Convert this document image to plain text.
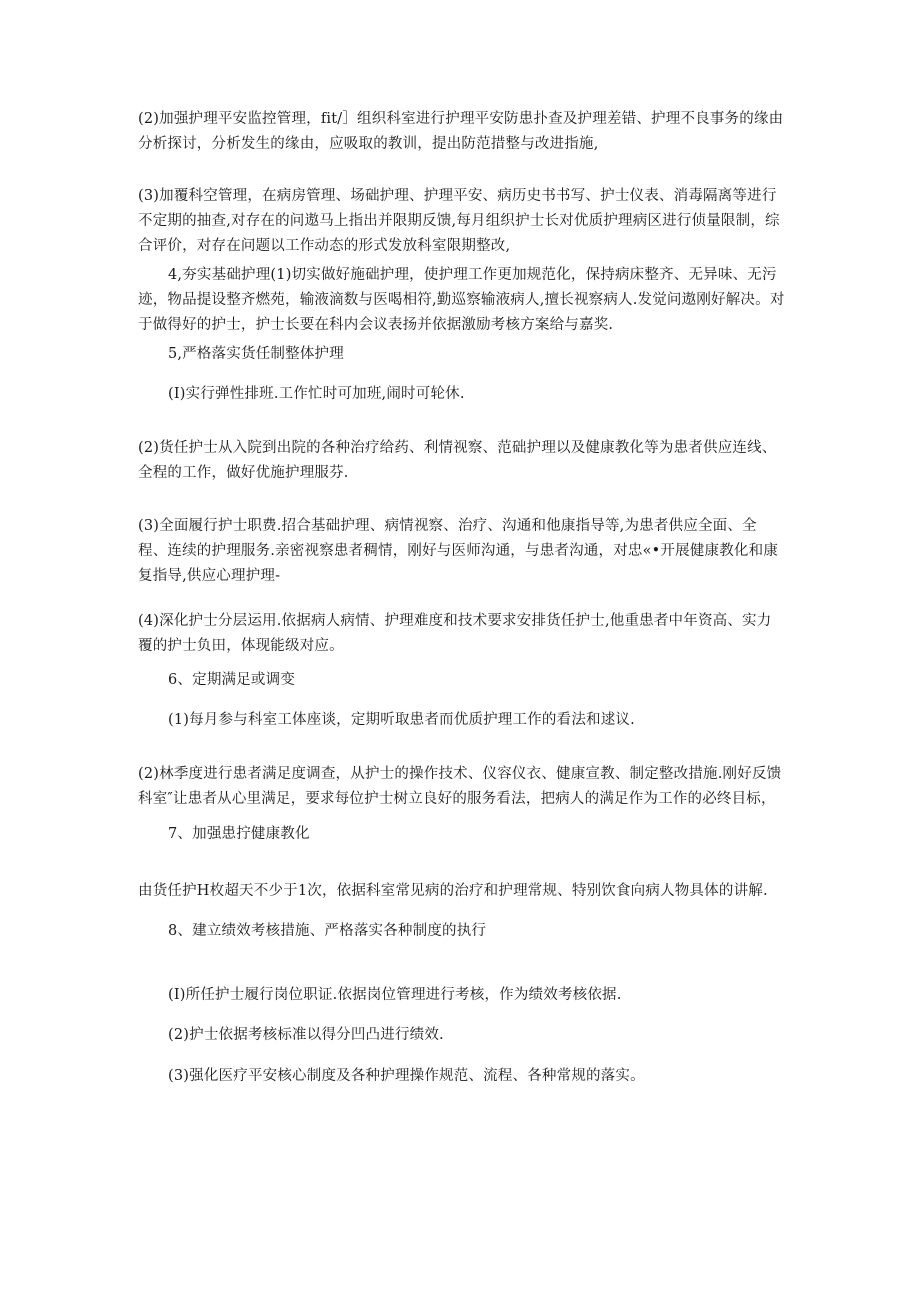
(2)加强护理平安监控管理，fit/］组织科室进行护理平安防患扑查及护理差错、护理不良事务的缘由分析探讨，分析发生的缘由，应吸取的教训，提出防范措整与改进指施,

(3)加覆科空管理，在病房管理、场础护理、护理平安、病历史书书写、护士仪表、消毒隔离等进行不定期的抽查,对存在的问遨马上指出并限期反馈,每月组织护士长对优质护理病区进行侦量限制，综合评价，对存在问题以工作动态的形式发放科室限期整改,

4,夯实基础护理(1)切实做好施础护理，使护理工作更加规范化，保持病床整齐、无异味、无污迹，物品提设整齐燃苑，输液滴数与医喝相符,勤巡察输液病人,擅长视察病人.发觉问遨刚好解决。对于做得好的护士，护士长要在科内会议表扬并依据激励考核方案给与嘉奖.

5,严格落实货任制整体护理

(I)实行弹性排班.工作忙时可加班,闹时可轮休.

(2)货任护士从入院到出院的各种治疗给药、利情视察、范础护理以及健康教化等为患者供应连线、全程的工作，做好优施护理服芬.

(3)全面履行护士职费.招合基础护理、病情视察、治疗、沟通和他康指导等,为患者供应全面、全程、连续的护理服务.亲密视察患者稠情，刚好与医师沟通，与患者沟通，对忠«•开展健康教化和康复指导,供应心理护理-

(4)深化护士分层运用.依据病人病情、护理难度和技术要求安排货任护士,他重患者中年资高、实力覆的护士负田，体现能级对应。

6、定期满足或调变

(1)每月参与科室工体座谈，定期听取患者而优质护理工作的看法和逑议.

(2)林季度进行患者满足度调查，从护士的操作技术、仪容仪衣、健康宣教、制定整改措施.刚好反馈科室″让患者从心里满足，要求每位护士树立良好的服务看法，把病人的满足作为工作的必终目标，

7、加强患拧健康教化

由货任护H枚超天不少于1次，依据科室常见病的治疗和护理常规、特别饮食向病人物具体的讲解.

8、建立绩效考核措施、严格落实各种制度的执行

(I)所任护士履行岗位职证.依据岗位管理进行考核，作为绩效考核依据.

(2)护士依据考核标准以得分凹凸进行绩效.

(3)强化医疗平安核心制度及各种护理操作规范、流程、各种常规的落实。
